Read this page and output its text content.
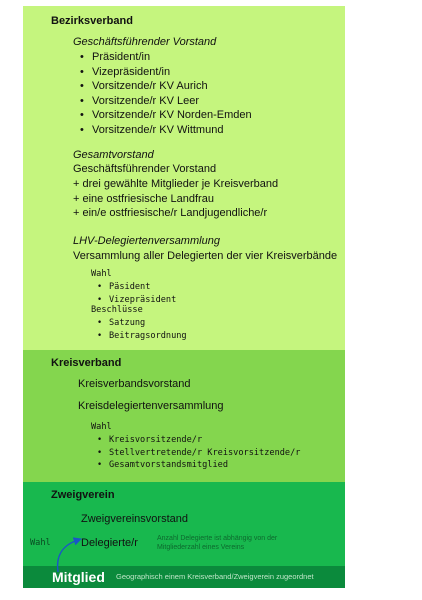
Bezirksverband
Geschäftsführender Vorstand
• Präsident/in
• Vizepräsident/in
• Vorsitzende/r KV Aurich
• Vorsitzende/r KV Leer
• Vorsitzende/r KV Norden-Emden
• Vorsitzende/r KV Wittmund
Gesamtvorstand
Geschäftsführender Vorstand
+ drei gewählte Mitglieder je Kreisverband
+ eine ostfriesische Landfrau
+ ein/e ostfriesische/r Landjugendliche/r
LHV-Delegiertenversammlung
Versammlung aller Delegierten der vier Kreisverbände
Wahl
• Päsident
• Vizepräsident
Beschlüsse
• Satzung
• Beitragsordnung
Kreisverband
Kreisverbandsvorstand
Kreisdelegiertenversammlung
Wahl
• Kreisvorsitzende/r
• Stellvertretende/r Kreisvorsitzende/r
• Gesamtvorstandsmitglied
Zweigverein
Zweigvereinsvorstand
Delegierte/r	Anzahl Delegierte ist abhängig von der
Mitgliederzahl eines Vereins
Wahl
Mitglied Geographisch einem Kreisverband/Zweigverein zugeordnet
